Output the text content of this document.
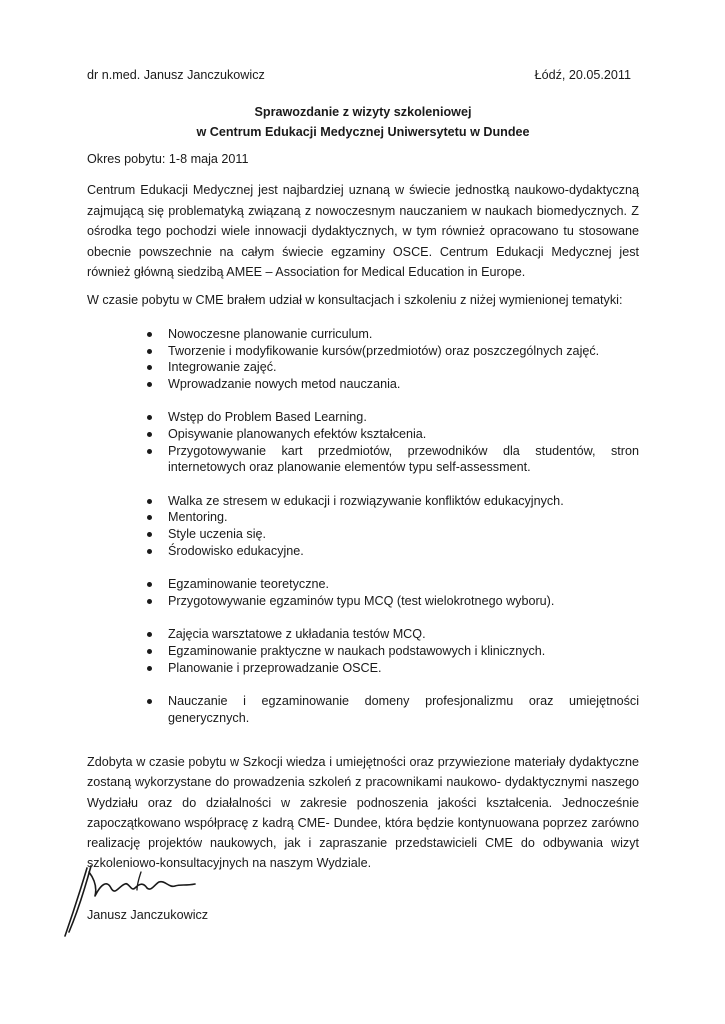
dr n.med. Janusz Janczukowicz	Łódź, 20.05.2011
Sprawozdanie z wizyty szkoleniowej
w Centrum Edukacji Medycznej Uniwersytetu w Dundee
Okres pobytu: 1-8 maja 2011
Centrum Edukacji Medycznej jest najbardziej uznaną w świecie jednostką naukowo-dydaktyczną zajmującą się problematyką związaną z nowoczesnym nauczaniem w naukach biomedycznych. Z ośrodka tego pochodzi wiele innowacji dydaktycznych, w tym również opracowano tu stosowane obecnie powszechnie na całym świecie egzaminy OSCE. Centrum Edukacji Medycznej jest również główną siedzibą AMEE – Association for Medical Education in Europe.
W czasie pobytu w CME brałem udział w konsultacjach i szkoleniu z niżej wymienionej tematyki:
Nowoczesne planowanie curriculum.
Tworzenie i modyfikowanie kursów(przedmiotów) oraz poszczególnych zajęć.
Integrowanie zajęć.
Wprowadzanie nowych metod nauczania.
Wstęp do Problem Based Learning.
Opisywanie planowanych efektów kształcenia.
Przygotowywanie kart przedmiotów, przewodników dla studentów, stron internetowych oraz planowanie elementów typu self-assessment.
Walka ze stresem w edukacji i rozwiązywanie konfliktów edukacyjnych.
Mentoring.
Style uczenia się.
Środowisko edukacyjne.
Egzaminowanie teoretyczne.
Przygotowywanie egzaminów typu MCQ (test wielokrotnego wyboru).
Zajęcia warsztatowe z układania testów MCQ.
Egzaminowanie praktyczne w naukach podstawowych i klinicznych.
Planowanie i przeprowadzanie OSCE.
Nauczanie i egzaminowanie domeny profesjonalizmu oraz umiejętności generycznych.
Zdobyta w czasie pobytu w Szkocji wiedza i umiejętności oraz przywiezione materiały dydaktyczne zostaną wykorzystane do prowadzenia szkoleń z pracownikami naukowo- dydaktycznymi naszego Wydziału oraz do działalności w zakresie podnoszenia jakości kształcenia. Jednocześnie zapoczątkowano współpracę z kadrą CME- Dundee, która będzie kontynuowana poprzez zarówno realizację projektów naukowych, jak i zapraszanie przedstawicieli CME do odbywania wizyt szkoleniowo-konsultacyjnych na naszym Wydziale.
Janusz Janczukowicz
